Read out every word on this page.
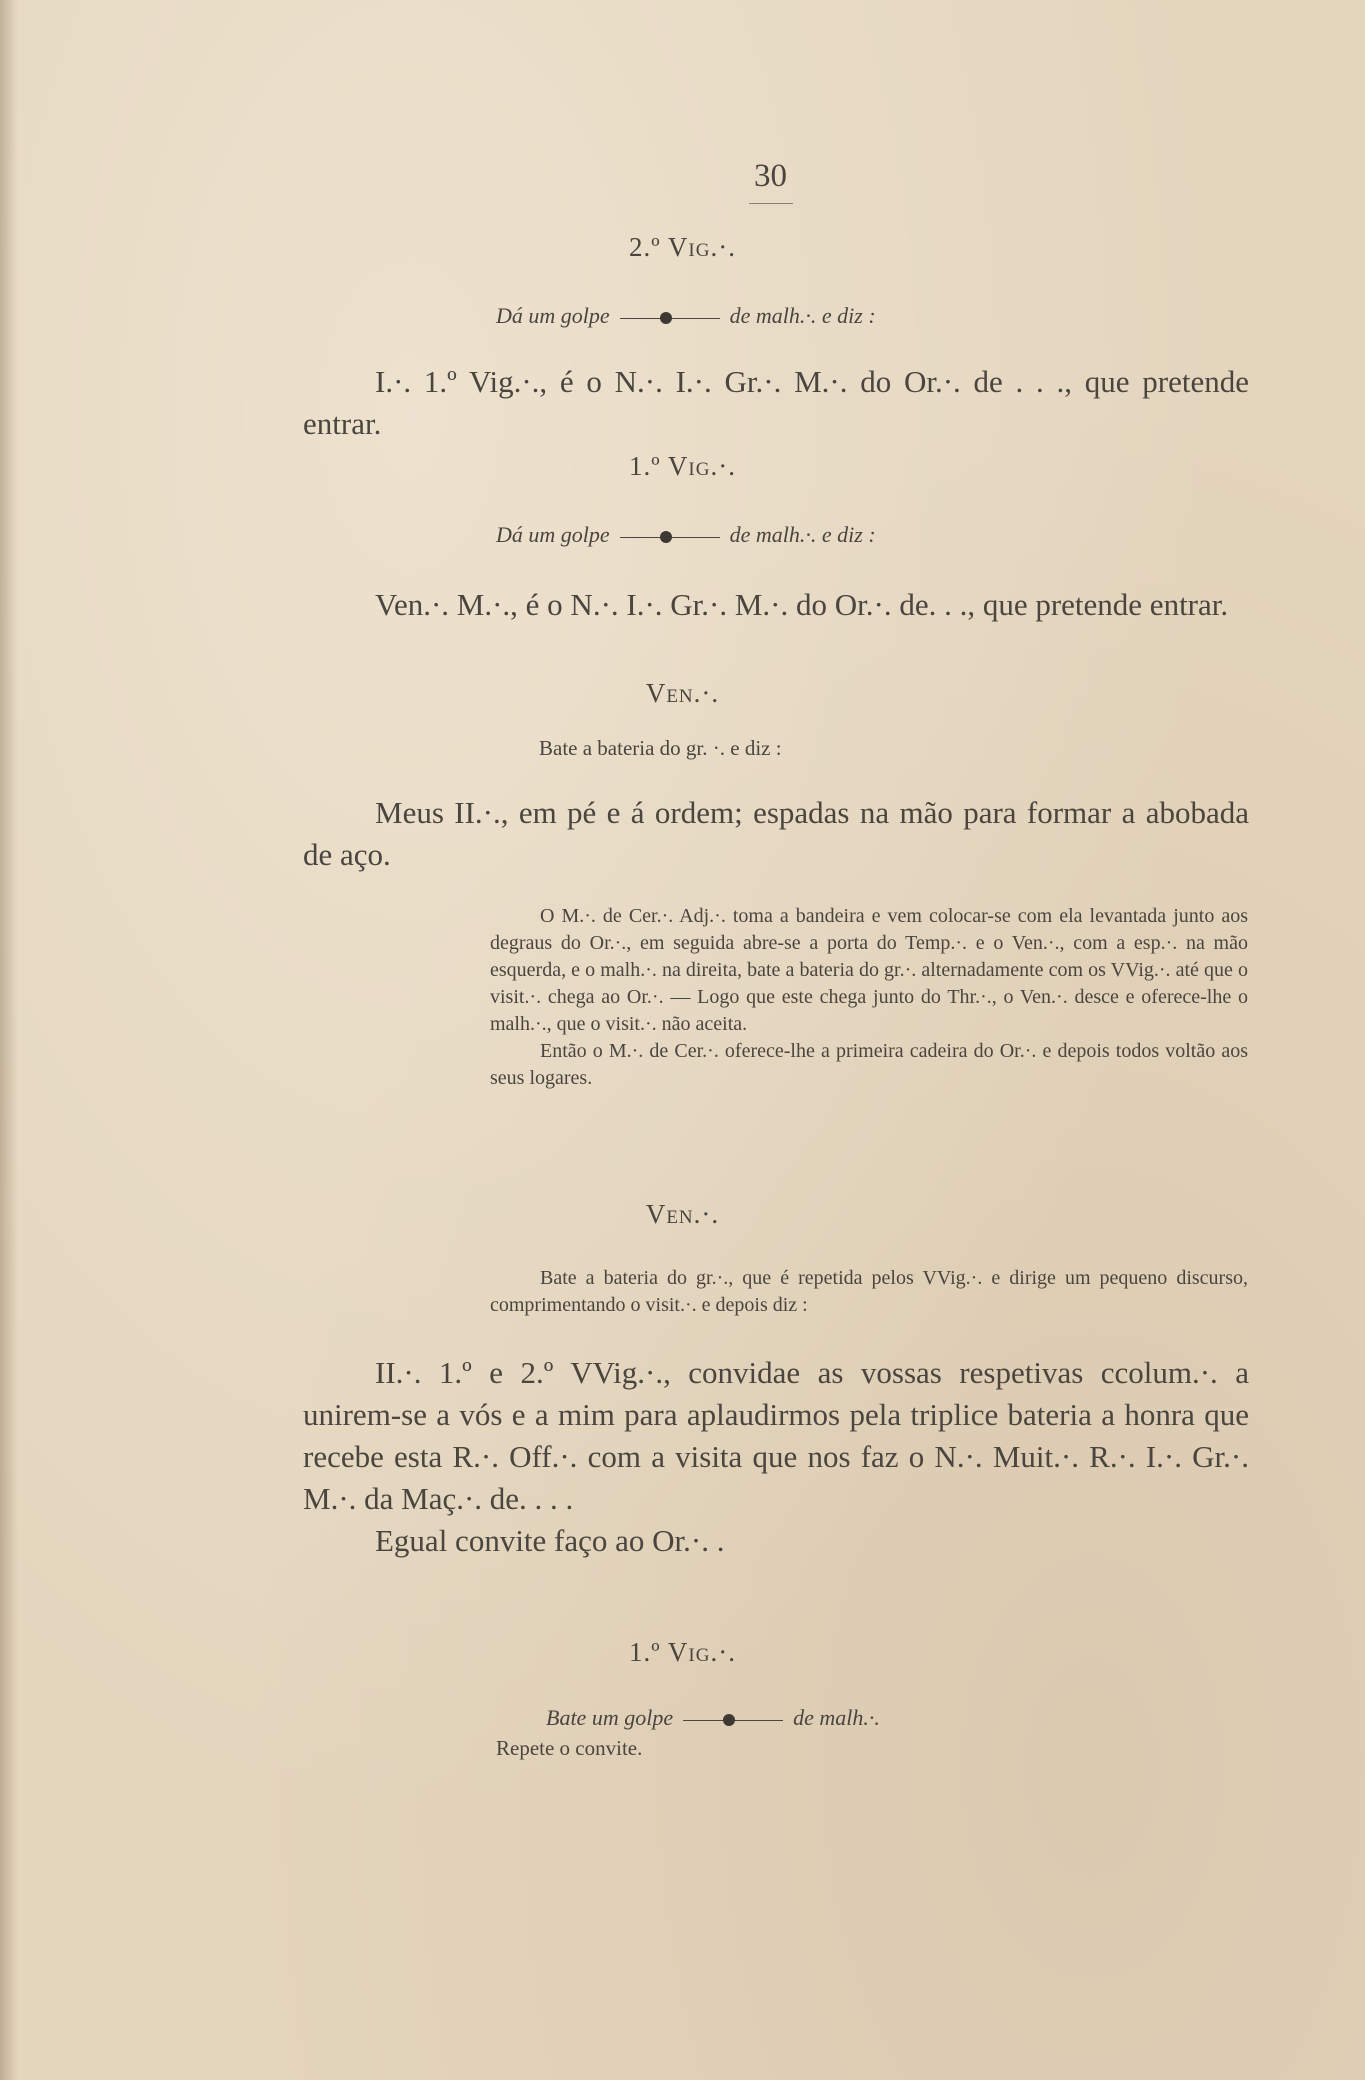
30
2.º Vig.·.
Dá um golpe	de malh.·. e diz :
I.·. 1.º Vig.·., é o N.·. I.·. Gr.·. M.·. do Or.·. de . . ., que pretende entrar.
1.º Vig.·.
Dá um golpe	de malh.·. e diz :
Ven.·. M.·., é o N.·. I.·. Gr.·. M.·. do Or.·. de. . ., que pretende entrar.
Ven.·.
Bate a bateria do gr. ·. e diz :
Meus II.·., em pé e á ordem; espadas na mão para formar a abobada de aço.

O M.·. de Cer.·. Adj.·. toma a bandeira e vem colocar-se com ela levantada junto aos degraus do Or.·., em seguida abre-se a porta do Temp.·. e o Ven.·., com a esp.·. na mão esquerda, e o malh.·. na direita, bate a bateria do gr.·. alternadamente com os VVig.·. até que o visit.·. chega ao Or.·. — Logo que este chega junto do Thr.·., o Ven.·. desce e oferece-lhe o malh.·., que o visit.·. não aceita.

Então o M.·. de Cer.·. oferece-lhe a primeira cadeira do Or.·. e depois todos voltão aos seus logares.

Ven.·.

Bate a bateria do gr.·., que é repetida pelos VVig.·. e dirige um pequeno discurso, comprimentando o visit.·. e depois diz :

II.·. 1.º e 2.º VVig.·., convidae as vossas respetivas ccolum.·. a unirem-se a vós e a mim para aplaudirmos pela triplice bateria a honra que recebe esta R.·. Off.·. com a visita que nos faz o N.·. Muit.·. R.·. I.·. Gr.·. M.·. da Maç.·. de. . . .
Egual convite faço ao Or.·. .
1.º Vig.·.
Bate um golpe	de malh.·.
Repete o convite.
